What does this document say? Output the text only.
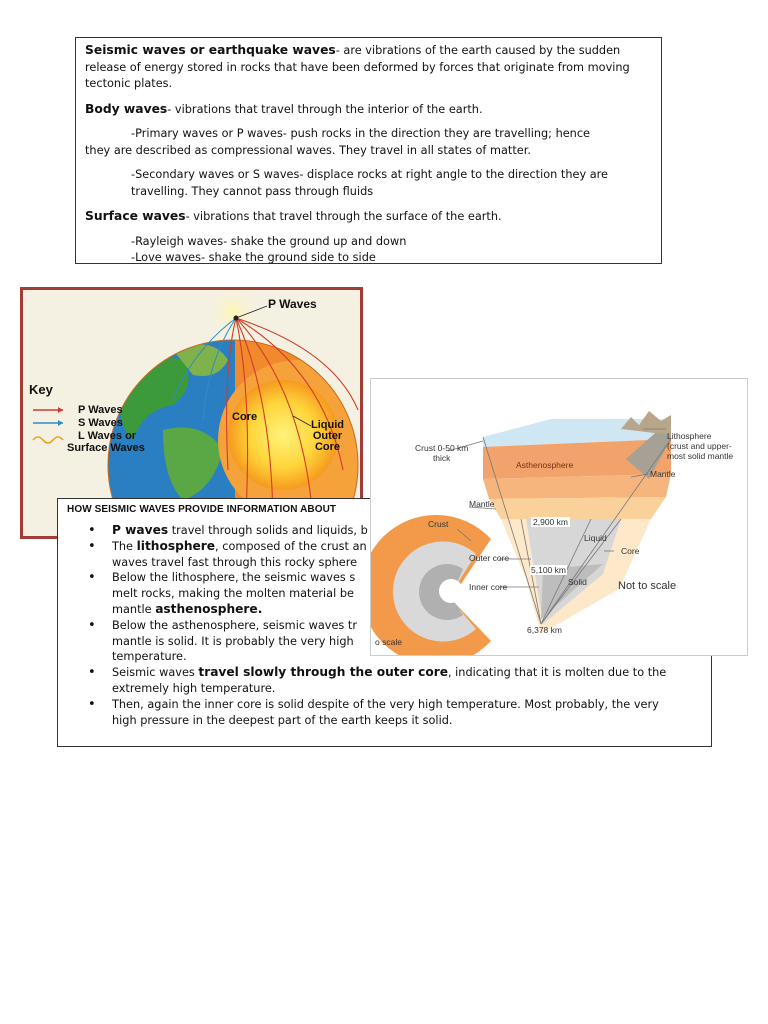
Seismic waves or earthquake waves- are vibrations of the earth caused by the sudden release of energy stored in rocks that have been deformed by forces that originate from moving tectonic plates.

Body waves- vibrations that travel through the interior of the earth.

-Primary waves or P waves- push rocks in the direction they are travelling; hence

they are described as compressional waves. They travel in all states of matter.

-Secondary waves or S waves- displace rocks at right angle to the direction they are travelling. They cannot pass through fluids

Surface waves- vibrations that travel through the surface of the earth.

-Rayleigh waves- shake the ground up and down

-Love waves- shake the ground side to side

P Waves
Core
Liquid
Outer
Core
Key
P Waves
S Waves
L Waves or
Surface Waves
HOW SEISMIC WAVES PROVIDE INFORMATION ABOUT
• P waves travel through solids and liquids, b
• The lithosphere, composed of the crust an
waves travel fast through this rocky sphere
• Below the lithosphere, the seismic waves s
melt rocks, making the molten material be
mantle asthenosphere.
• Below the asthenosphere, seismic waves tr
mantle is solid. It is probably the very high
temperature.
• Seismic waves travel slowly through the outer core, indicating that it is molten due to the
extremely high temperature.
• Then, again the inner core is solid despite of the very high temperature. Most probably, the very
high pressure in the deepest part of the earth keeps it solid.
Crust 0-50 km
thick
Lithosphere
(crust and upper-
most solid mantle
Asthenosphere
Mantle
Mantle
2,900 km
Crust
Liquid
Core
Outer core
5,100 km
Inner core	Solid	Not to scale
6,378 km
o scale
